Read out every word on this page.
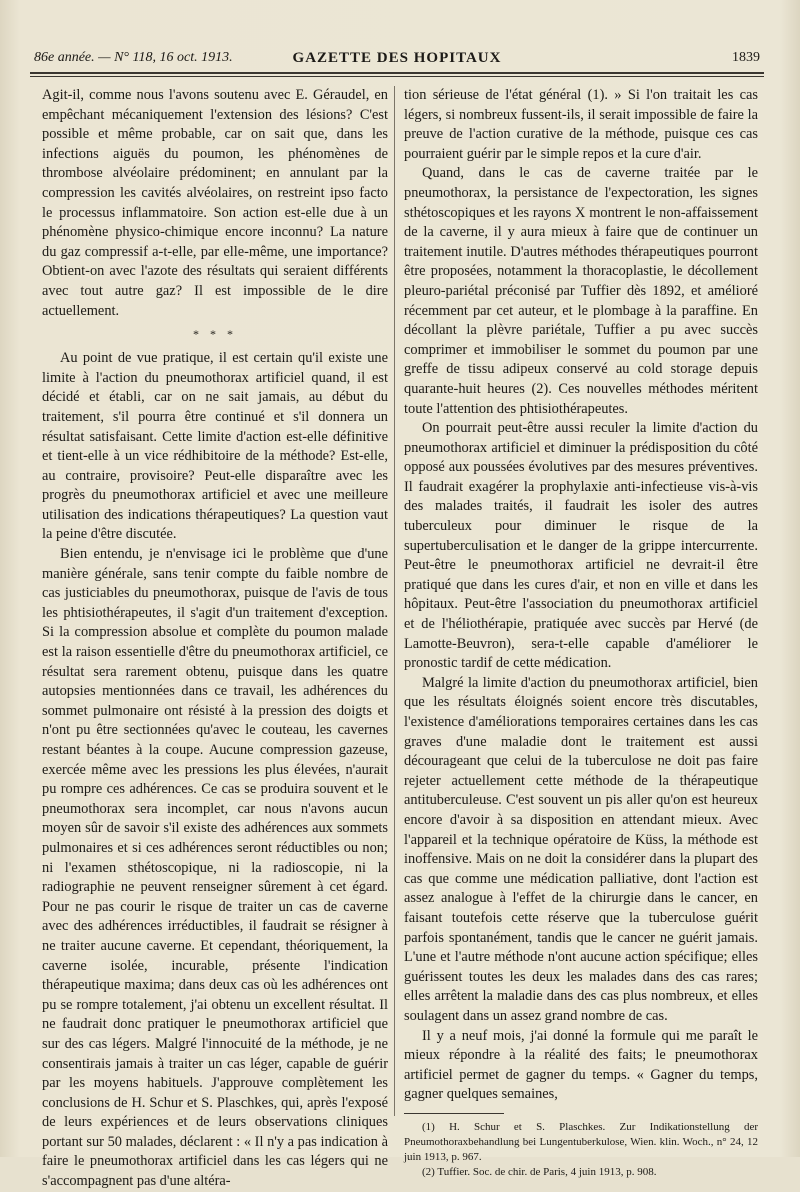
86e année. — N° 118, 16 oct. 1913.	GAZETTE DES HOPITAUX	1839

Agit-il, comme nous l'avons soutenu avec E. Géraudel, en empêchant mécaniquement l'extension des lésions? C'est possible et même probable, car on sait que, dans les infections aiguës du poumon, les phénomènes de thrombose alvéolaire prédominent; en annulant par la compression les cavités alvéolaires, on restreint ipso facto le processus inflammatoire. Son action est-elle due à un phénomène physico-chimique encore inconnu? La nature du gaz compressif a-t-elle, par elle-même, une importance? Obtient-on avec l'azote des résultats qui seraient différents avec tout autre gaz? Il est impossible de le dire actuellement.

* * *

Au point de vue pratique, il est certain qu'il existe une limite à l'action du pneumothorax artificiel quand, il est décidé et établi, car on ne sait jamais, au début du traitement, s'il pourra être continué et s'il donnera un résultat satisfaisant. Cette limite d'action est-elle définitive et tient-elle à un vice rédhibitoire de la méthode? Est-elle, au contraire, provisoire? Peut-elle disparaître avec les progrès du pneumothorax artificiel et avec une meilleure utilisation des indications thérapeutiques? La question vaut la peine d'être discutée.

Bien entendu, je n'envisage ici le problème que d'une manière générale, sans tenir compte du faible nombre de cas justiciables du pneumothorax, puisque de l'avis de tous les phtisiothérapeutes, il s'agit d'un traitement d'exception. Si la compression absolue et complète du poumon malade est la raison essentielle d'être du pneumothorax artificiel, ce résultat sera rarement obtenu, puisque dans les quatre autopsies mentionnées dans ce travail, les adhérences du sommet pulmonaire ont résisté à la pression des doigts et n'ont pu être sectionnées qu'avec le couteau, les cavernes restant béantes à la coupe. Aucune compression gazeuse, exercée même avec les pressions les plus élevées, n'aurait pu rompre ces adhérences. Ce cas se produira souvent et le pneumothorax sera incomplet, car nous n'avons aucun moyen sûr de savoir s'il existe des adhérences aux sommets pulmonaires et si ces adhérences seront réductibles ou non; ni l'examen sthétoscopique, ni la radioscopie, ni la radiographie ne peuvent renseigner sûrement à cet égard. Pour ne pas courir le risque de traiter un cas de caverne avec des adhérences irréductibles, il faudrait se résigner à ne traiter aucune caverne. Et cependant, théoriquement, la caverne isolée, incurable, présente l'indication thérapeutique maxima; dans deux cas où les adhérences ont pu se rompre totalement, j'ai obtenu un excellent résultat. Il ne faudrait donc pratiquer le pneumothorax artificiel que sur des cas légers. Malgré l'innocuité de la méthode, je ne consentirais jamais à traiter un cas léger, capable de guérir par les moyens habituels. J'approuve complètement les conclusions de H. Schur et S. Plaschkes, qui, après l'exposé de leurs expériences et de leurs observations cliniques portant sur 50 malades, déclarent : « Il n'y a pas indication à faire le pneumothorax artificiel dans les cas légers qui ne s'accompagnent pas d'une altéra-

tion sérieuse de l'état général (1). » Si l'on traitait les cas légers, si nombreux fussent-ils, il serait impossible de faire la preuve de l'action curative de la méthode, puisque ces cas pourraient guérir par le simple repos et la cure d'air.

Quand, dans le cas de caverne traitée par le pneumothorax, la persistance de l'expectoration, les signes sthétoscopiques et les rayons X montrent le non-affaissement de la caverne, il y aura mieux à faire que de continuer un traitement inutile. D'autres méthodes thérapeutiques pourront être proposées, notamment la thoracoplastie, le décollement pleuro-pariétal préconisé par Tuffier dès 1892, et amélioré récemment par cet auteur, et le plombage à la paraffine. En décollant la plèvre pariétale, Tuffier a pu avec succès comprimer et immobiliser le sommet du poumon par une greffe de tissu adipeux conservé au cold storage depuis quarante-huit heures (2). Ces nouvelles méthodes méritent toute l'attention des phtisiothérapeutes.

On pourrait peut-être aussi reculer la limite d'action du pneumothorax artificiel et diminuer la prédisposition du côté opposé aux poussées évolutives par des mesures préventives. Il faudrait exagérer la prophylaxie anti-infectieuse vis-à-vis des malades traités, il faudrait les isoler des autres tuberculeux pour diminuer le risque de la supertuberculisation et le danger de la grippe intercurrente. Peut-être le pneumothorax artificiel ne devrait-il être pratiqué que dans les cures d'air, et non en ville et dans les hôpitaux. Peut-être l'association du pneumothorax artificiel et de l'héliothérapie, pratiquée avec succès par Hervé (de Lamotte-Beuvron), sera-t-elle capable d'améliorer le pronostic tardif de cette médication.

Malgré la limite d'action du pneumothorax artificiel, bien que les résultats éloignés soient encore très discutables, l'existence d'améliorations temporaires certaines dans les cas graves d'une maladie dont le traitement est aussi décourageant que celui de la tuberculose ne doit pas faire rejeter actuellement cette méthode de la thérapeutique antituberculeuse. C'est souvent un pis aller qu'on est heureux encore d'avoir à sa disposition en attendant mieux. Avec l'appareil et la technique opératoire de Küss, la méthode est inoffensive. Mais on ne doit la considérer dans la plupart des cas que comme une médication palliative, dont l'action est assez analogue à l'effet de la chirurgie dans le cancer, en faisant toutefois cette réserve que la tuberculose guérit parfois spontanément, tandis que le cancer ne guérit jamais. L'une et l'autre méthode n'ont aucune action spécifique; elles guérissent toutes les deux les malades dans des cas rares; elles arrêtent la maladie dans des cas plus nombreux, et elles soulagent dans un assez grand nombre de cas.

Il y a neuf mois, j'ai donné la formule qui me paraît le mieux répondre à la réalité des faits; le pneumothorax artificiel permet de gagner du temps. « Gagner du temps, gagner quelques semaines,

(1) H. Schur et S. Plaschkes. Zur Indikationstellung der Pneumothoraxbehandlung bei Lungentuberkulose, Wien. klin. Woch., n° 24, 12 juin 1913, p. 967.

(2) Tuffier. Soc. de chir. de Paris, 4 juin 1913, p. 908.
